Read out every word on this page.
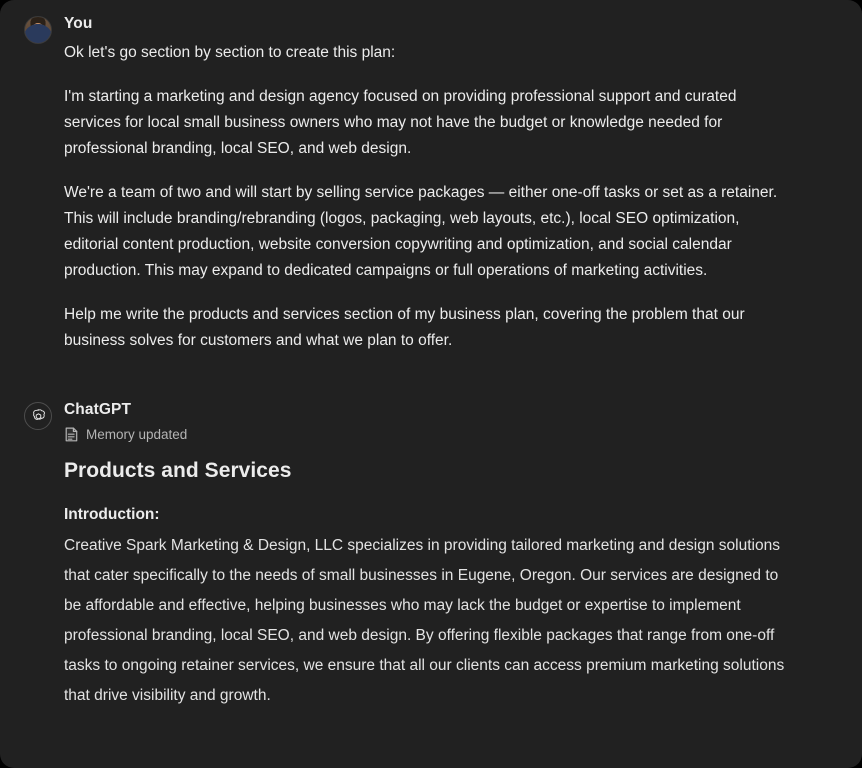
You

Ok let's go section by section to create this plan:

I'm starting a marketing and design agency focused on providing professional support and curated services for local small business owners who may not have the budget or knowledge needed for professional branding, local SEO, and web design.

We're a team of two and will start by selling service packages — either one-off tasks or set as a retainer. This will include branding/rebranding (logos, packaging, web layouts, etc.), local SEO optimization, editorial content production, website conversion copywriting and optimization, and social calendar production. This may expand to dedicated campaigns or full operations of marketing activities.

Help me write the products and services section of my business plan, covering the problem that our business solves for customers and what we plan to offer.

ChatGPT
Memory updated
Products and Services
Introduction:
Creative Spark Marketing & Design, LLC specializes in providing tailored marketing and design solutions that cater specifically to the needs of small businesses in Eugene, Oregon. Our services are designed to be affordable and effective, helping businesses who may lack the budget or expertise to implement professional branding, local SEO, and web design. By offering flexible packages that range from one-off tasks to ongoing retainer services, we ensure that all our clients can access premium marketing solutions that drive visibility and growth.
